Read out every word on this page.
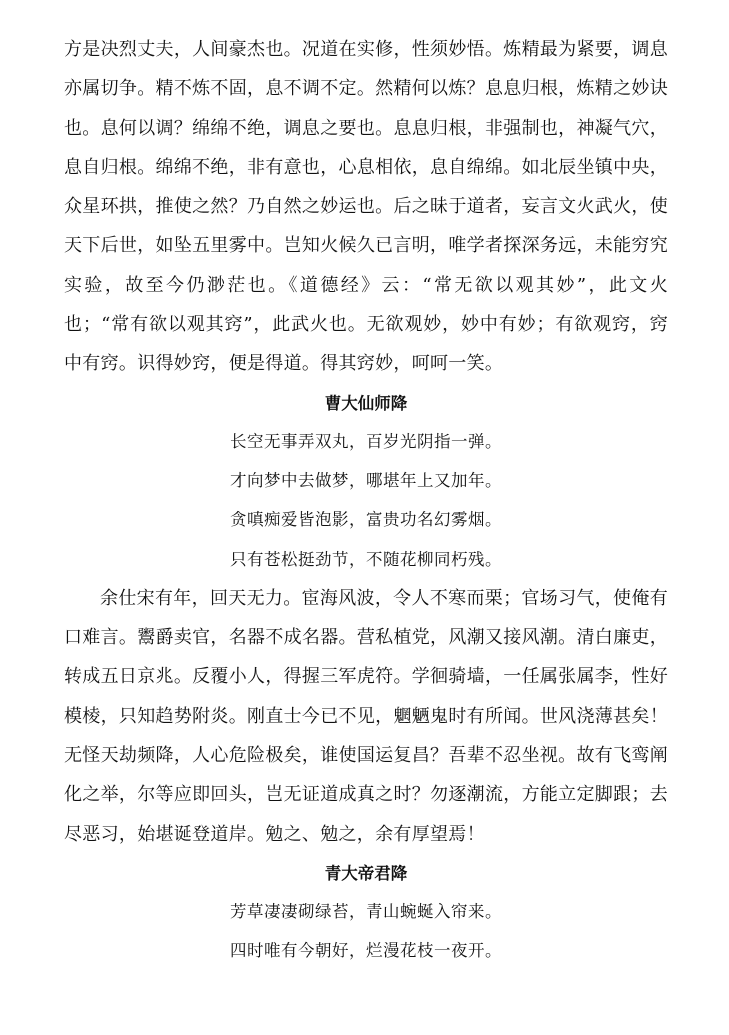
方是决烈丈夫，人间豪杰也。况道在实修，性须妙悟。炼精最为紧要，调息亦属切争。精不炼不固，息不调不定。然精何以炼？息息归根，炼精之妙诀也。息何以调？绵绵不绝，调息之要也。息息归根，非强制也，神凝气穴，息自归根。绵绵不绝，非有意也，心息相依，息自绵绵。如北辰坐镇中央，众星环拱，推使之然？乃自然之妙运也。后之昧于道者，妄言文火武火，使天下后世，如坠五里雾中。岂知火候久已言明，唯学者探深务远，未能穷究实验，故至今仍渺茫也。《道德经》云：“常无欲以观其妙”，此文火也；“常有欲以观其窍”，此武火也。无欲观妙，妙中有妙；有欲观窍，窍中有窍。识得妙窍，便是得道。得其窍妙，呵呵一笑。

曹大仙师降
长空无事弄双丸，百岁光阴指一弹。
才向梦中去做梦，哪堪年上又加年。
贪嗔痴爱皆泡影，富贵功名幻雾烟。
只有苍松挺劲节，不随花柳同朽残。

余仕宋有年，回天无力。宦海风波，令人不寒而栗；官场习气，使俺有口难言。鬻爵卖官，名器不成名器。营私植党，风潮又接风潮。清白廉吏，转成五日京兆。反覆小人，得握三军虎符。学徊骑墙，一任属张属李，性好模棱，只知趋势附炎。刚直士今已不见，魍魉鬼时有所闻。世风浇薄甚矣！无怪天劫频降，人心危险极矣，谁使国运复昌？吾辈不忍坐视。故有飞鸾阐化之举，尔等应即回头，岂无证道成真之时？勿逐潮流，方能立定脚跟；去尽恶习，始堪诞登道岸。勉之、勉之，余有厚望焉！

青大帝君降
芳草凄凄砌绿苔，青山蜿蜒入帘来。
四时唯有今朝好，烂漫花枝一夜开。
